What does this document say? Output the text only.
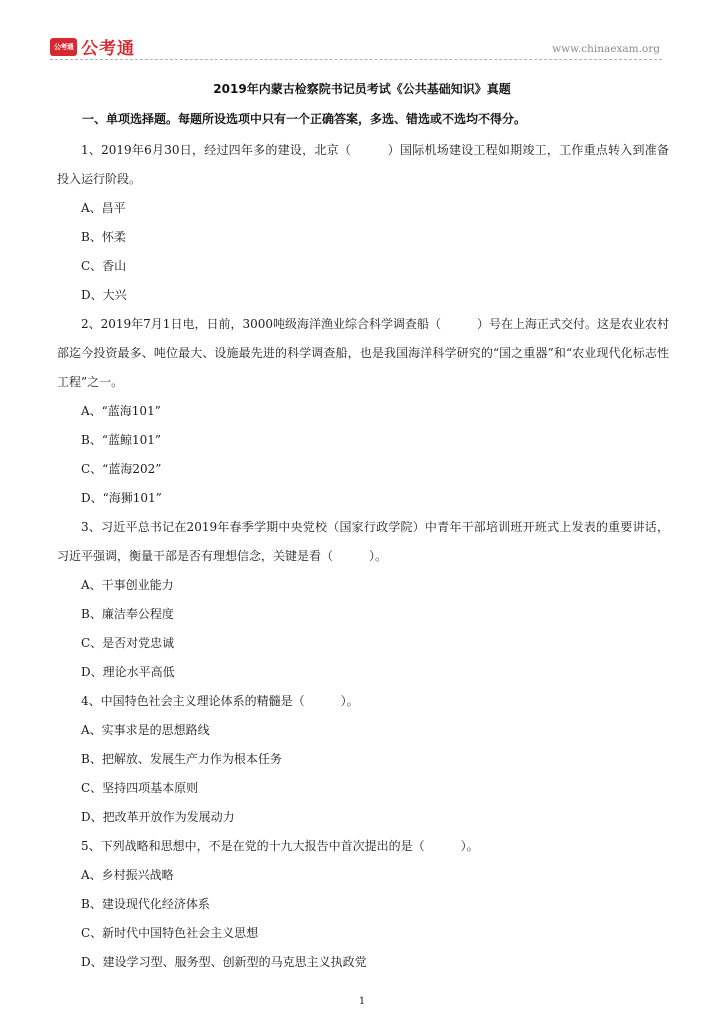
公考通 公考通	www.chinaexam.org
2019年内蒙古检察院书记员考试《公共基础知识》真题
一、单项选择题。每题所设选项中只有一个正确答案，多选、错选或不选均不得分。

1、2019年6月30日，经过四年多的建设，北京（　　　）国际机场建设工程如期竣工，工作重点转入到准备投入运行阶段。

A、昌平

B、怀柔

C、香山

D、大兴

2、2019年7月1日电，日前，3000吨级海洋渔业综合科学调查船（　　　）号在上海正式交付。这是农业农村部迄今投资最多、吨位最大、设施最先进的科学调查船，也是我国海洋科学研究的“国之重器”和“农业现代化标志性工程”之一。

A、“蓝海101”

B、“蓝鲸101”

C、“蓝海202”

D、“海狮101”

3、习近平总书记在2019年春季学期中央党校（国家行政学院）中青年干部培训班开班式上发表的重要讲话，习近平强调，衡量干部是否有理想信念，关键是看（　　　）。

A、干事创业能力

B、廉洁奉公程度

C、是否对党忠诚

D、理论水平高低

4、中国特色社会主义理论体系的精髓是（　　　）。

A、实事求是的思想路线

B、把解放、发展生产力作为根本任务

C、坚持四项基本原则

D、把改革开放作为发展动力

5、下列战略和思想中，不是在党的十九大报告中首次提出的是（　　　）。

A、乡村振兴战略

B、建设现代化经济体系

C、新时代中国特色社会主义思想

D、建设学习型、服务型、创新型的马克思主义执政党

1
